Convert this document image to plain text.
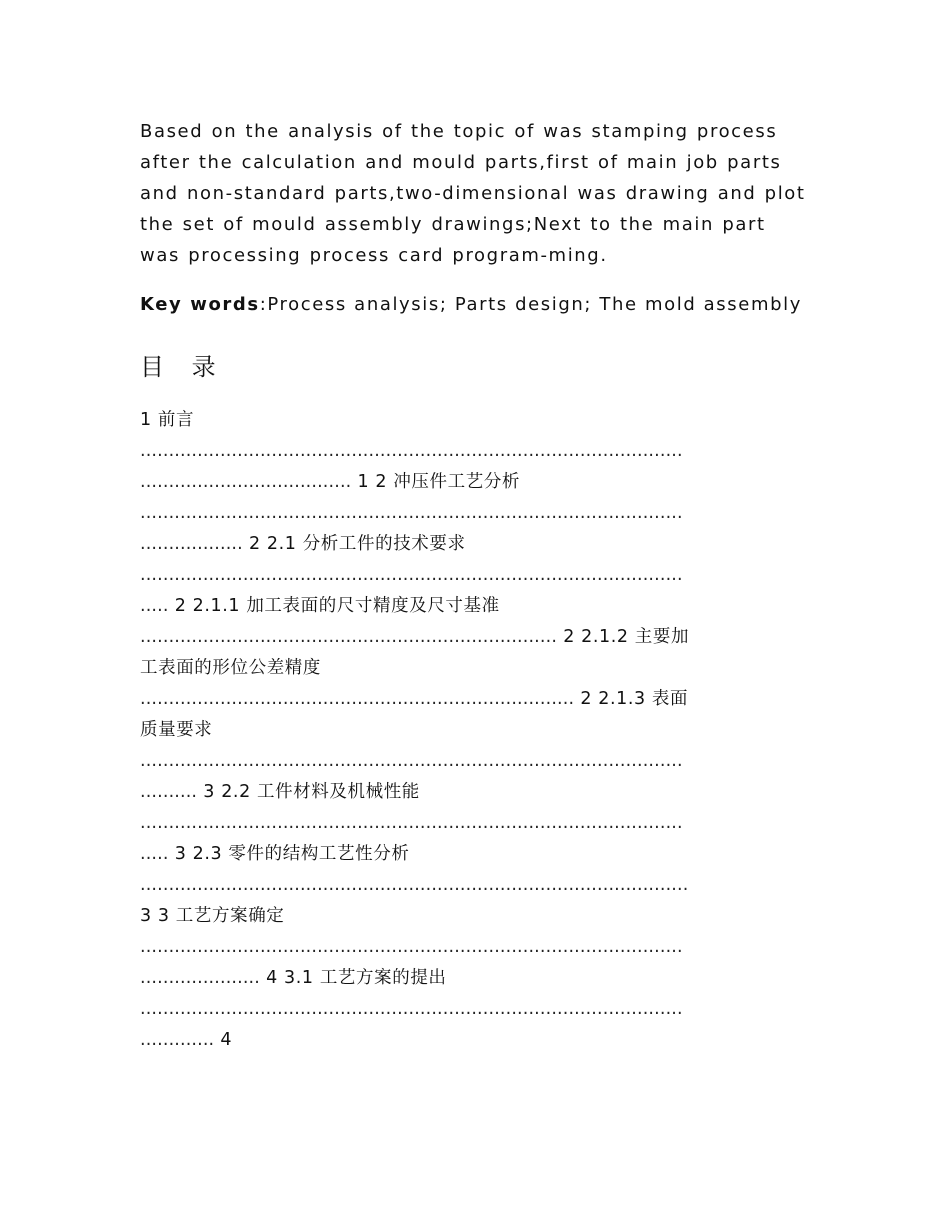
Based on the analysis of the topic of was stamping process after the calculation and mould parts,first of main job parts and non-standard parts,two-dimensional was drawing and plot the set of mould assembly drawings;Next to the main part was processing process card program-ming.

Key words:Process analysis; Parts design; The mold assembly

目 录
1 前言
...............................................................................................
..................................... 1 2 冲压件工艺分析
...............................................................................................
.................. 2 2.1 分析工件的技术要求
...............................................................................................
..... 2 2.1.1 加工表面的尺寸精度及尺寸基准
......................................................................... 2 2.1.2 主要加
工表面的形位公差精度
............................................................................ 2 2.1.3 表面
质量要求
...............................................................................................
.......... 3 2.2 工件材料及机械性能
...............................................................................................
..... 3 2.3 零件的结构工艺性分析
................................................................................................
3 3 工艺方案确定
...............................................................................................
..................... 4 3.1 工艺方案的提出
...............................................................................................
............. 4
